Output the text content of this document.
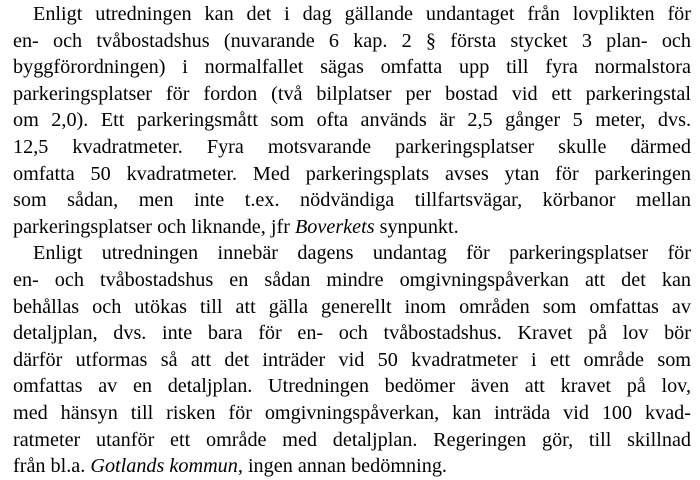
Enligt utredningen kan det i dag gällande undantaget från lovplikten för
en- och tvåbostadshus (nuvarande 6 kap. 2 § första stycket 3 plan- och
byggförordningen) i normalfallet sägas omfatta upp till fyra normalstora
parkeringsplatser för fordon (två bilplatser per bostad vid ett parkeringstal
om 2,0). Ett parkeringsmått som ofta används är 2,5 gånger 5 meter, dvs.
12,5 kvadratmeter. Fyra motsvarande parkeringsplatser skulle därmed
omfatta 50 kvadratmeter. Med parkeringsplats avses ytan för parkeringen
som sådan, men inte t.ex. nödvändiga tillfartsvägar, körbanor mellan
parkeringsplatser och liknande, jfr Boverkets synpunkt.

Enligt utredningen innebär dagens undantag för parkeringsplatser för
en- och tvåbostadshus en sådan mindre omgivningspåverkan att det kan
behållas och utökas till att gälla generellt inom områden som omfattas av
detaljplan, dvs. inte bara för en- och tvåbostadshus. Kravet på lov bör
därför utformas så att det inträder vid 50 kvadratmeter i ett område som
omfattas av en detaljplan. Utredningen bedömer även att kravet på lov,
med hänsyn till risken för omgivningspåverkan, kan inträda vid 100 kvad-
ratmeter utanför ett område med detaljplan. Regeringen gör, till skillnad
från bl.a. Gotlands kommun, ingen annan bedömning.
